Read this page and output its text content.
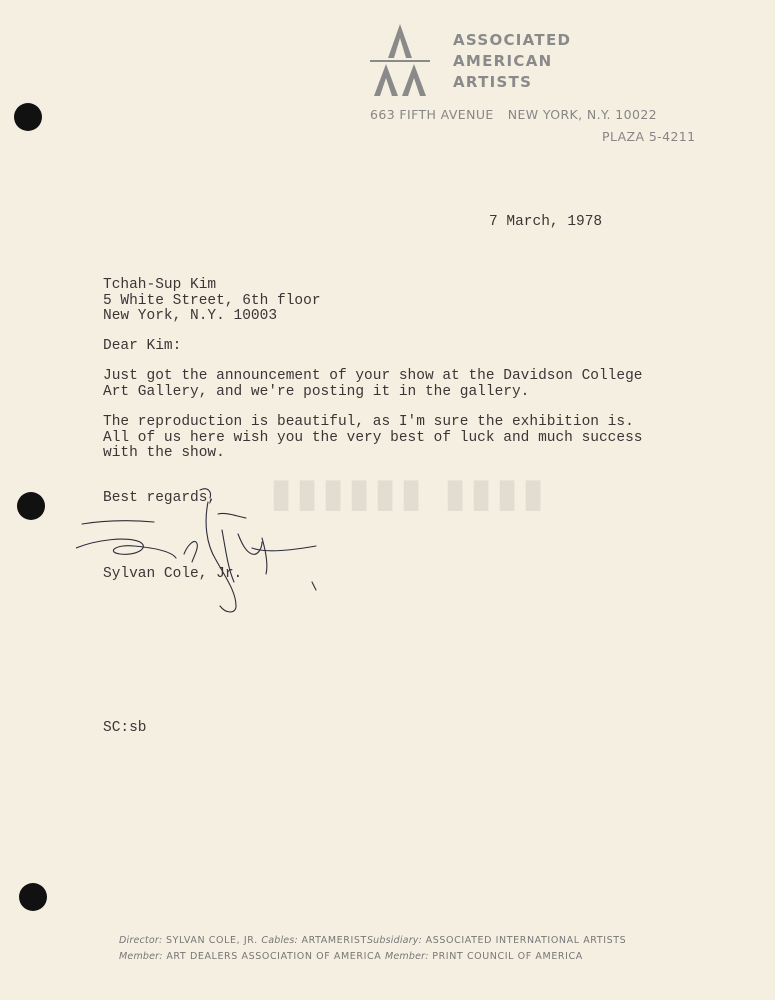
ASSOCIATED
AMERICAN
ARTISTS
663 FIFTH AVENUE NEW YORK, N.Y. 10022
PLAZA 5-4211
▮▮▮▮▮▮ ▮▮▮▮
7 March, 1978
Tchah-Sup Kim
5 White Street, 6th floor
New York, N.Y. 10003
Dear Kim:
Just got the announcement of your show at the Davidson College
Art Gallery, and we're posting it in the gallery.
The reproduction is beautiful, as I'm sure the exhibition is.
All of us here wish you the very best of luck and much success
with the show.
Best regards,
Sylvan Cole, Jr.
SC:sb
Director: SYLVAN COLE, JR. Cables: ARTAMERISTSubsidiary: ASSOCIATED INTERNATIONAL ARTISTS
Member: ART DEALERS ASSOCIATION OF AMERICA Member: PRINT COUNCIL OF AMERICA
